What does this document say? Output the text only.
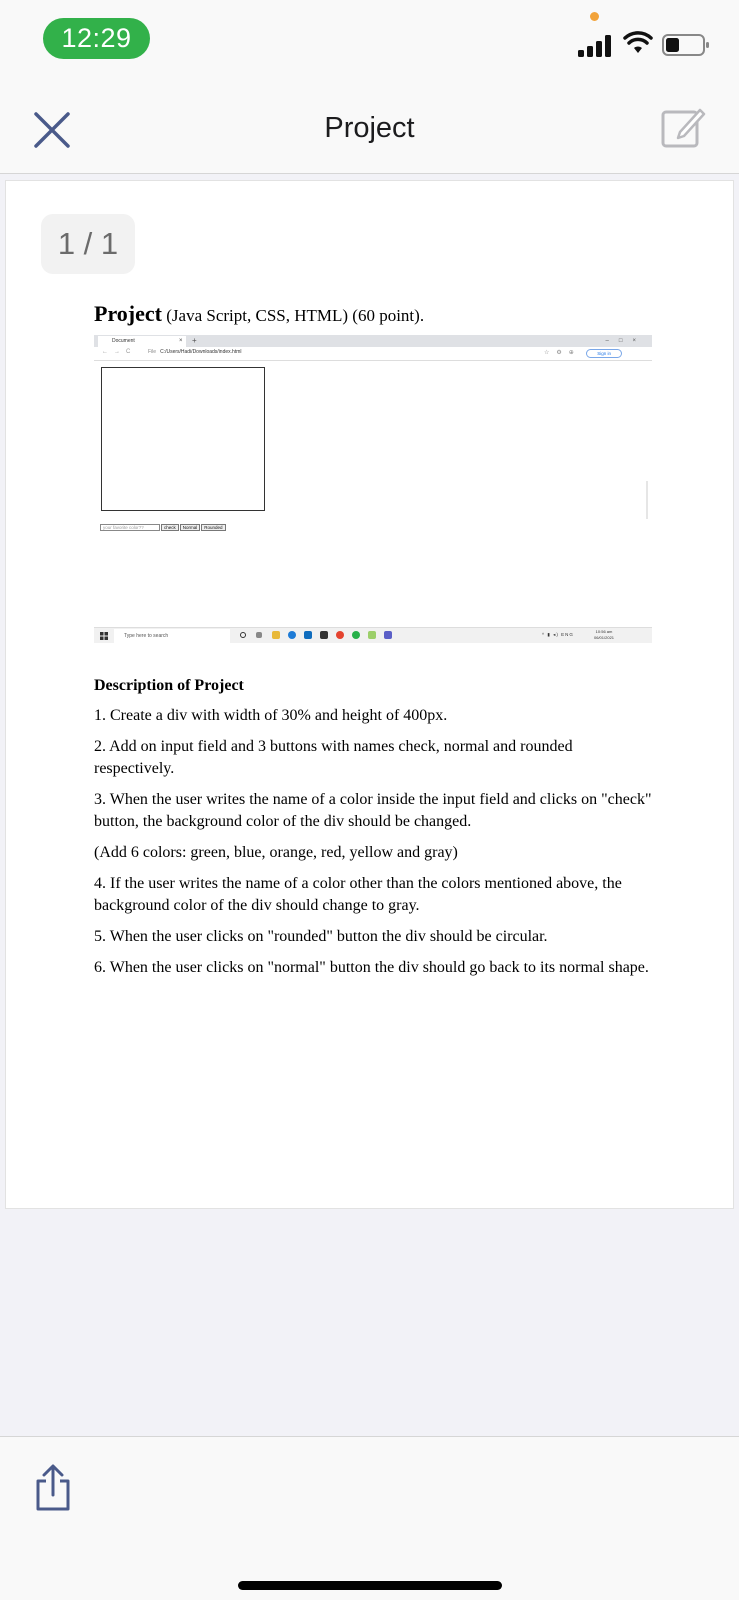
12:29
Project
1 / 1
Project (Java Script, CSS, HTML) (60 point).
Document	× +	–□×
←→C File C:/Users/Hadi/Downloads/index.html	☆⚙⊕	Sign in
your favorite color??	check Normal Rounded
Type here to search	^ ▮ ◂) ENG
10:56 am
06/01/2021
Description of Project

1. Create a div with width of 30% and height of 400px.

2. Add on input field and 3 buttons with names check, normal and rounded respectively.

3. When the user writes the name of a color inside the input field and clicks on "check" button, the background color of the div should be changed.

(Add 6 colors: green, blue, orange, red, yellow and gray)

4. If the user writes the name of a color other than the colors mentioned above, the background color of the div should change to gray.

5. When the user clicks on "rounded" button the div should be circular.

6. When the user clicks on "normal" button the div should go back to its normal shape.
